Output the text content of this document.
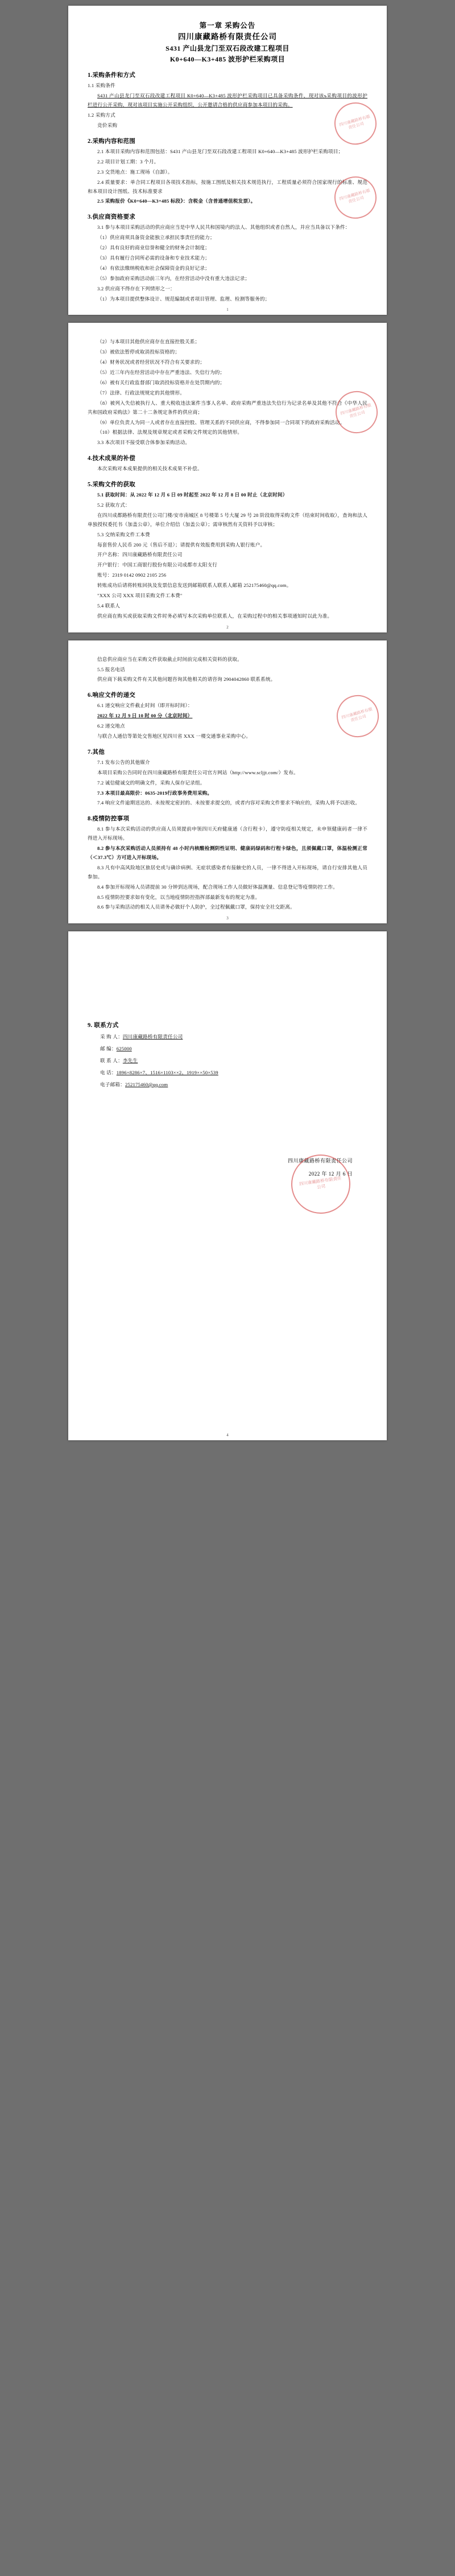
第一章 采购公告
四川康藏路桥有限责任公司
S431 产山县龙门至双石段改建工程项目
K0+640—K3+485 波形护栏采购项目
1.采购条件和方式

1.1 采购条件

S431 产山县龙门至双石段改建工程项目 K0+640—K3+485 波形护栏采购项目已具备采购条件，现对该ъ采购项目的波形护栏进行公开采购，现对该项目实施公开采购组织，公开邀请合格的供应商参加本项目的采购。

1.2 采购方式

竞价采购

2.采购内容和范围

2.1 本项目采购内容和范围包括：S431 产山县龙门至双石段改建工程项目 K0+640—K3+485 波形护栏采购项目；

2.2 项目计划工期：3 个月。

2.3 交货地点：施工现场（自卸）。

2.4 质量要求：单合同工程项目各项技术指标，按施工图纸及相关技术规范执行，工程质量必须符合国家现行的标准、规范和本项目设计图纸、技术标准要求

2.5 采购报价《K0+640—K3+485 标段》：含税金（含普通增值税发票）。

3.供应商资格要求

3.1 参与本项目采购活动的供应商应当是中华人民共和国境内的法人、其他组织或者自然人，并应当具备以下条件：

（1）供应商须具备资金能独立承担民事责任的能力；

（2）具有良好的商业信誉和健全的财务会计制度；

（3）具有履行合同所必需的设备和专业技术能力；

（4）有依法缴纳税收和社会保障资金的良好记录；

（5）参加政府采购活动前三年内，在经营活动中没有重大违法记录；

3.2 供应商不得存在下列情形之一：

（1）为本项目提供整体设计、规范编制或者项目管理、监理、检测等服务的；

四川康藏路桥有限责任公司
四川康藏路桥有限责任公司
1

（2）与本项目其他供应商存在直接控股关系；

（3）被依法暂停或取消投标资格的；

（4）财务状况或者经营状况不符合有关要求的；

（5）近三年内在经营活动中存在严重违法、失信行为的；

（6）被有关行政监督部门取消投标资格并在处罚期内的；

（7）法律、行政法规规定的其他情形。

（8）被列入失信被执行人、重大税收违法案件当事人名单、政府采购严重违法失信行为记录名单及其他不符合《中华人民共和国政府采购法》第二十二条规定条件的供应商；

（9）单位负责人为同一人或者存在直接控股、管理关系的不同供应商，不得参加同一合同项下的政府采购活动。

（10）根据法律、法规及规章规定或者采购文件规定的其他情形。

3.3 本次项目不接受联合体参加采购活动。

4.技术成果的补偿

本次采购对本成果提供的相关技术成果不补偿。

5.采购文件的获取

5.1 获取时间：从 2022 年 12 月 6 日 09 时起至 2022 年 12 月 8 日 00 时止（北京时间）

5.2 获取方式：

在四川成都路桥有限责任公司门楼/安市南城区 8 号楼第 5 号大厦 29 号 28 阶段取得采购文件（结束时间收取），查询和法人单独授权委托书（加盖公章），单位介绍信（加盖公章）；需审核然有关资料予以审核；

5.3 交纳采购文件工本费

每套售价人民币 200 元（售后不退）；请提供有效报费用到采购人银行账户。

开户名称：四川康藏路桥有限责任公司

开户银行：中国工商银行股份有限公司成都市太阳支行

账号：2319 0142 0902 2105 256

转账成功后请将转账回执及发票信息发送到邮箱联系人联系人邮箱 252175460@qq.com。

"XXX 公司 XXX 项目采购文件工本费"

5.4 联系人

供应商在购买或获取采购文件时务必填写本次采购单位联系人，在采购过程中的相关事项通知时以此为准。

四川康藏路桥有限责任公司
2

信息供应商应当在采购文件获取截止时间前完成相关资料的获取。

5.5 报名电话

供应商下载采购文件有关其他问题咨询其他相关的请咨询 2904042860 联系系统。

6.响应文件的递交

6.1 递交响应文件截止时间（即开标时间）：

2022 年 12 月 9 日 10 时 00 分（北京时间）

6.2 递交地点

与联合人通信等第处交售地区见四川省 XXX 一楼交通事业采购中心。

7.其他

7.1 发布公告的其他媒介

本项目采购公告同时在四川康藏路桥有限责任公司官方网站（http://www.scljjt.com/）发布。

7.2 诚信健诚交的明确文件，采购人保存记录组。

7.3 本项目最高限价：0635-2019行政事务费用采购。

7.4 响应文件逾期送达的、未按规定密封的、未按要求提交的，或者内容对采购文件要求不响应的，采购人将予以拒收。

8.疫情防控事项

8.1 参与本次采购活动的供应商人员须提前申领四川天府健康通（含行程卡），遵守防疫相关规定，未申领健康码者一律不得进入开标现场。

8.2 参与本次采购活动人员须持有 48 小时内核酸检测阴性证明、健康码绿码和行程卡绿色，且须佩戴口罩，体温检测正常（＜37.3℃）方可进入开标现场。

8.3 凡有中高风险地区旅居史或与确诊病例、无症状感染者有接触史的人员，一律不得进入开标现场，请自行安排其他人员参加。

8.4 参加开标现场人员请提前 30 分钟到达现场，配合现场工作人员做好体温测量、信息登记等疫情防控工作。

8.5 疫情防控要求如有变化，以当地疫情防控指挥部最新发布的规定为准。

8.6 参与采购活动的相关人员请务必做好个人防护，全过程佩戴口罩，保持安全社交距离。

四川康藏路桥有限责任公司
3
9. 联系方式

采 购 人：四川康藏路桥有限责任公司

邮 编：625000

联 系 人：李先生

电 话：1896×8286×7、1516×1103××2、1919××50×539

电子邮箱：252175460@qq.com

四川康藏路桥有限责任公司
四川康藏路桥有限责任公司
2022 年 12 月 6 日
4
